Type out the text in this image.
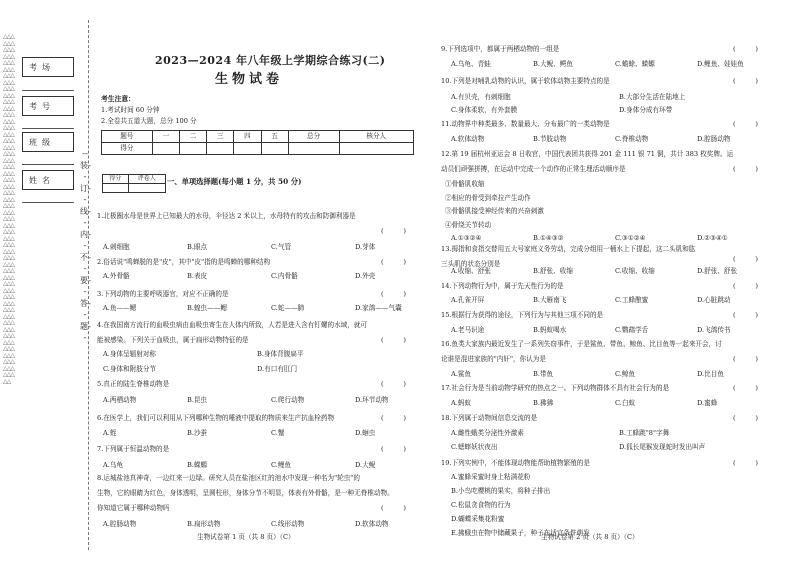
△△△△△△△△△△△△△△△△△△△△△△△△△△△△△△△△△△△△△△△△△△△△△△△△△△△△△△△△△△△△△△△△△△△△△△△△△△△△△△△△△△△△△△△△△△△△△△△△△△△△△△△△△△△△△△△△△△△△△△△△△△△△△△△△△△△△△△△△△△△△△△△△△△△△△△△△△△△△△△△△△
考场
考号
班级
姓名
--装--订--线--内--不--要--答--题--
2023—2024 年八年级上学期综合练习(二)
生物试卷
考生注意：
1.考试时间 60 分钟
2.全卷共五道大题，总分 100 分
题号	一	二	三	四	五	总分	核分人
得分							
得分	评卷人
	一、单项选择题(每小题 1 分，共 50 分)
1.北极圈水母是世界上已知最大的水母，伞径达 2 米以上，水母特有的攻击和防御利器是
(　　　)
A.刺细胞	B.眼点	C.气管	D.芽体
2.俗话说"鸣蝉脱的是"皮"，其中"皮"指的是鸣蝉的哪种结构	(　　　)
A.外骨骼	B.表皮	C.内骨骼	D.外壳
3.下列动物的主要呼吸器官，对应不正确的是	(　　　)
A.鱼——鳃	B.蝗虫——鳃	C.蛇——肺	D.家鸽——气囊
4.在我国南方流行的血吸虫病由血吸虫寄生在人体内所致，人若是进入含有钉螺的水域，就可
能被感染。下列关于血吸虫，属于扁形动物特征的是	(　　　)
A.身体呈辐射对称	B.身体背腹扁平
C.身体和附肢分节	D.有口有肛门
5.真正的陆生脊椎动物是	(　　　)
A.两栖动物	B.昆虫	C.爬行动物	D.环节动物
6.在医学上，我们可以利用从下列哪种生物的唾液中提取的物质来生产抗血栓药物	(　　　)
A.蛭	B.沙蚕	C.蟹	D.蛔虫
7.下列属于恒温动物的是	(　　　)
A.乌龟	B.蝾螈	C.鲤鱼	D.大鲵
8.运城盐池真神奇，一边红来一边绿。研究人员在盐池区红的池水中发现一种名为"轮虫"的
生物，它的眼睛为红色，身体透明，呈圆柱形，身体分节不明显，体表有外骨骼，是一种无脊椎动物。
你知道它属于哪种动物吗	(　　　)
A.腔肠动物	B.扁形动物	C.线形动物	D.软体动物
生物试卷第 1 页（共 8 页）（C）
9.下列选项中，都属于两栖动物的一组是	(　　　)
A.乌龟、青蛙	B.大鲵、鳄鱼	C.蟾蜍、蝾螈	D.鲤鱼、娃娃鱼
10.下列是对哺乳动物的认识，属于软体动物主要特点的是	(　　　)
A.有贝壳，有刺细胞	B.大部分生活在陆地上
C.身体柔软，有外套膜	D.身体分成有环带
11.动物界中种类最多、数量最大、分布最广的一类动物是	(　　　)
A.软体动物	B.节肢动物	C.脊椎动物	D.腔肠动物
12.第 19 届杭州亚运会 8 日收官，中国代表团共获得 201 金 111 银 71 铜，共计 383 枚奖牌。运
动员们顽强拼搏，在运动中完成一个动作的正常生理活动顺序是	(　　　)
①骨骼肌收缩
②相应的骨受到牵拉产生动作
③骨骼肌接受神经传来的兴奋刺激
④骨绕关节转动
A.①③②④	B.①④③②	C.③①②④	D.②③④①
13.拇指和食指交替用五大号家庭义务劳动，完成分组用一桶水上下提起，这二头肌和肱
三头肌的状态分别是
(　　　)
A.收缩、舒张	B.舒张、收缩	C.收缩、收缩	D.舒张、舒张
14.下列动物行为中，属于先天性行为的是	(　　　)
A.孔雀开屏	B.大雁南飞	C.工蜂酿蜜	D.心脏跳动
15.根据行为获得的途径，下列行为与其他三项不同的是	(　　　)
A.老马识途	B.蚂蚁喝水	C.鹦鹉学舌	D.飞鸽传书
16.鱼类大家族内最近发生了一系列失窃事件，于是鲨鱼、带鱼、鲸鱼、比目鱼等一起来开会，讨
论谁是混进家族的"内奸"，你认为是	(　　　)
A.鲨鱼	B.带鱼	C.鲸鱼	D.比目鱼
17.社会行为是当前动物学研究的热点之一。下列动物群体不具有社会行为的是	(　　　)
A.蚂蚁	B.狒狒	C.白蚁	D.蜜蜂
18.下列属于动物间信息交流的是	(　　　)
A.雌性蛾类分泌性外激素	B.工蜂跳"8"字舞
C.蟋蟀妖状夜出	D.狐长尾猴发现蛇时发出叫声
19.下列实例中，不能体现动物能帮助植物繁殖的是	(　　　)
A.蜜蜂采蜜时身上粘满花粉
B.小鸟吃樱桃的果实，将种子排出
C.松鼠贪食物的行为
D.蝴蝶采集花粉蜜
E.拂蛾虫在物中储藏果子，种子在适宜条件萌发
生物试卷第 2 页（共 8 页）（C）
